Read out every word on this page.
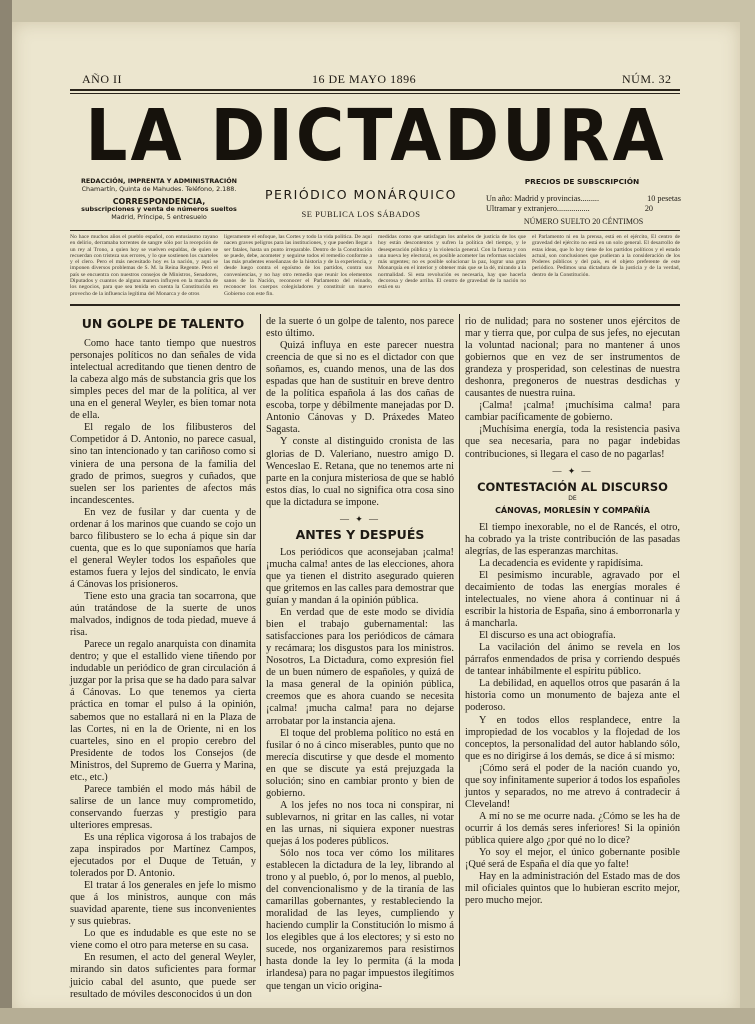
AÑO II	16 DE MAYO 1896	NÚM. 32
LA DICTADURA
REDACCIÓN, IMPRENTA Y ADMINISTRACIÓN
Chamartín, Quinta de Mahudes. Teléfono, 2.188.
CORRESPONDENCIA,
subscripciones y venta de números sueltos
Madrid, Príncipe, 5 entresuelo
PERIÓDICO MONÁRQUICO
SE PUBLICA LOS SÁBADOS
PRECIOS DE SUBSCRIPCIÓN
Un año: Madrid y provincias.........	10 pesetas
Ultramar y extranjero................	20
NÚMERO SUELTO 20 CÉNTIMOS
No hace muchos años el pueblo español, con entusiasmo rayano en delirio, derramaba torrentes de sangre sólo por la recepción de un rey al Trono, a quien hoy se vuelven espaldas, de quien se recuerdan con tristeza sus errores, y lo que sostienen los cuarteles y el clero. Pero el más necesitado hoy es la nación, y aquí se imponen diversos problemas de S. M. la Reina Regente. Pero el país se encuentra con nuestros consejos de Ministros, Senadores, Diputados y cuantos de alguna manera influyen en la marcha de los negocios, para que sea tenida en cuenta la Constitución en provecho de la influencia legítima del Monarca y de otros
ligeramente el enfoque, las Cortes y todo la vida política. De aquí nacen graves peligros para las instituciones, y que pueden llegar a ser fatales, hasta un punto irreparable. Dentro de la Constitución se puede, debe, acometer y seguirse todos el remedio conforme a las más prudentes enseñanzas de la historia y de la experiencia, y desde luego contra el egoísmo de los partidos, contra sus conveniencias, y no hay otro remedio que reunir los elementos sanos de la Nación, reconocer el Parlamento del reinado, reconocer los cuerpos colegisladores y constituir un nuevo Gobierno con este fin.
medidas como que satisfagan los anhelos de justicia de los que hoy están descontentos y sufren la política del tiempo, y le desesperación pública y la violencia general. Con la fuerza y con una nueva ley electoral, es posible acometer las reformas sociales más urgentes; no es posible solucionar la paz, lograr una gran Monarquía en el interior y obtener más que se la dé, mirando a la normalidad. Si esta revolución es necesaria, hay que hacerla decorosa y desde arriba. El centro de gravedad de la nación no está en su
el Parlamento ni en la prensa, está en el ejército, El centro de gravedad del ejército no está en un solo general. El desarrollo de estas ideas, que lo hoy tiene de los partidos políticos y el estado actual, son conclusiones que pudieran a la consideración de los Poderes públicos y del país, es el objeto preferente de este periódico. Pedimos una dictadura de la justicia y de la verdad, dentro de la Constitución.

UN GOLPE DE TALENTO

Como hace tanto tiempo que nuestros personajes políticos no dan señales de vida intelectual acreditando que tienen dentro de la cabeza algo más de substancia gris que los simples peces del mar de la política, al ver una en el general Weyler, es bien tomar nota de ella.

El regalo de los filibusteros del Competidor á D. Antonio, no parece casual, sino tan intencionado y tan cariñoso como si viniera de una persona de la familia del grado de primos, suegros y cuñados, que suelen ser los parientes de afectos más incandescentes.

En vez de fusilar y dar cuenta y de ordenar á los marinos que cuando se cojo un barco filibustero se lo echa á pique sin dar cuenta, que es lo que suponíamos que haría el general Weyler todos los españoles que estamos fuera y lejos del sindicato, le envía á Cánovas los prisioneros.

Tiene esto una gracia tan socarrona, que aún tratándose de la suerte de unos malvados, indignos de toda piedad, mueve á risa.

Parece un regalo anarquista con dinamita dentro; y que el estallido viene tiñendo por indudable un periódico de gran circulación á juzgar por la prisa que se ha dado para salvar á Cánovas. Lo que tenemos ya cierta práctica en tomar el pulso á la opinión, sabemos que no estallará ni en la Plaza de las Cortes, ni en la de Oriente, ni en los cuarteles, sino en el propio cerebro del Presidente de todos los Consejos (de Ministros, del Supremo de Guerra y Marina, etc., etc.)

Parece también el modo más hábil de salirse de un lance muy comprometido, conservando fuerzas y prestigio para ulteriores empresas.

Es una réplica vigorosa á los trabajos de zapa inspirados por Martínez Campos, ejecutados por el Duque de Tetuán, y tolerados por D. Antonio.

El tratar á los generales en jefe lo mismo que á los ministros, aunque con más suavidad aparente, tiene sus inconvenientes y sus quiebras.

Lo que es indudable es que este no se viene como el otro para meterse en su casa.

En resumen, el acto del general Weyler, mirando sin datos suficientes para formar juicio cabal del asunto, que puede ser resultado de móviles desconocidos ú un don

de la suerte ó un golpe de talento, nos parece esto último.

Quizá influya en este parecer nuestra creencia de que si no es el dictador con que soñamos, es, cuando menos, una de las dos espadas que han de sustituir en breve dentro de la política española á las dos cañas de escoba, torpe y débilmente manejadas por D. Antonio Cánovas y D. Práxedes Mateo Sagasta.

Y conste al distinguido cronista de las glorias de D. Valeriano, nuestro amigo D. Wenceslao E. Retana, que no tenemos arte ni parte en la conjura misteriosa de que se habló estos días, lo cual no significa otra cosa sino que la dictadura se impone.

— ✦ —

ANTES Y DESPUÉS

Los periódicos que aconsejaban ¡calma! ¡mucha calma! antes de las elecciones, ahora que ya tienen el distrito asegurado quieren que gritemos en las calles para demostrar que guían y mandan á la opinión pública.

En verdad que de este modo se dividía bien el trabajo gubernamental: las satisfacciones para los periódicos de cámara y recámara; los disgustos para los ministros. Nosotros, La Dictadura, como expresión fiel de un buen número de españoles, y quizá de la masa general de la opinión pública, creemos que es ahora cuando se necesita ¡calma! ¡mucha calma! para no dejarse arrobatar por la instancia ajena.

El toque del problema político no está en fusilar ó no á cinco miserables, punto que no merecía discutirse y que desde el momento en que se discute ya está prejuzgada la solución; sino en cambiar pronto y bien de gobierno.

A los jefes no nos toca ni conspirar, ni sublevarnos, ni gritar en las calles, ni votar en las urnas, ni siquiera exponer nuestras quejas á los poderes públicos.

Sólo nos toca ver cómo los militares establecen la dictadura de la ley, librando al trono y al pueblo, ó, por lo menos, al pueblo, del convencionalismo y de la tiranía de las camarillas gobernantes, y restableciendo la moralidad de las leyes, cumpliendo y haciendo cumplir la Constitución lo mismo á los elegibles que á los electores; y si esto no sucede, nos organizaremos para resistirnos hasta donde la ley lo permita (á la moda irlandesa) para no pagar impuestos ilegítimos que tengan un vicio origina-

rio de nulidad; para no sostener unos ejércitos de mar y tierra que, por culpa de sus jefes, no ejecutan la voluntad nacional; para no mantener á unos gobiernos que en vez de ser instrumentos de grandeza y prosperidad, son celestinas de nuestra deshonra, pregoneros de nuestras desdichas y causantes de nuestra ruina.

¡Calma! ¡calma! ¡muchísima calma! para cambiar pacíficamente de gobierno.

¡Muchísima energía, toda la resistencia pasiva que sea necesaria, para no pagar indebidas contribuciones, si llegara el caso de no pagarlas!

— ✦ —

CONTESTACIÓN AL DISCURSO

DE

CÁNOVAS, MORLESÍN Y COMPAÑÍA

El tiempo inexorable, no el de Rancés, el otro, ha cobrado ya la triste contribución de las pasadas alegrías, de las esperanzas marchitas.

La decadencia es evidente y rapidísima.

El pesimismo incurable, agravado por el decaimiento de todas las energías morales é intelectuales, no viene ahora á continuar ni á escribir la historia de España, sino á emborronarla y á mancharla.

El discurso es una act obiografía.

La vacilación del ánimo se revela en los párrafos enmendados de prisa y corriendo después de tantear inhábilmente el espíritu público.

La debilidad, en aquellos otros que pasarán á la historia como un monumento de bajeza ante el poderoso.

Y en todos ellos resplandece, entre la impropiedad de los vocablos y la flojedad de los conceptos, la personalidad del autor hablando sólo, que es no dirigirse á los demás, se dice á sí mismo:

¡Cómo será el poder de la nación cuando yo, que soy infinitamente superior á todos los españoles juntos y separados, no me atrevo á contradecir á Cleveland!

A mí no se me ocurre nada. ¿Cómo se les ha de ocurrir á los demás seres inferiores! Si la opinión pública quiere algo ¿por qué no lo dice?

Yo soy el mejor, el único gobernante posible ¡Qué será de España el día que yo falte!

Hay en la administración del Estado mas de dos mil oficiales quintos que lo hubieran escrito mejor, pero mucho mejor.
